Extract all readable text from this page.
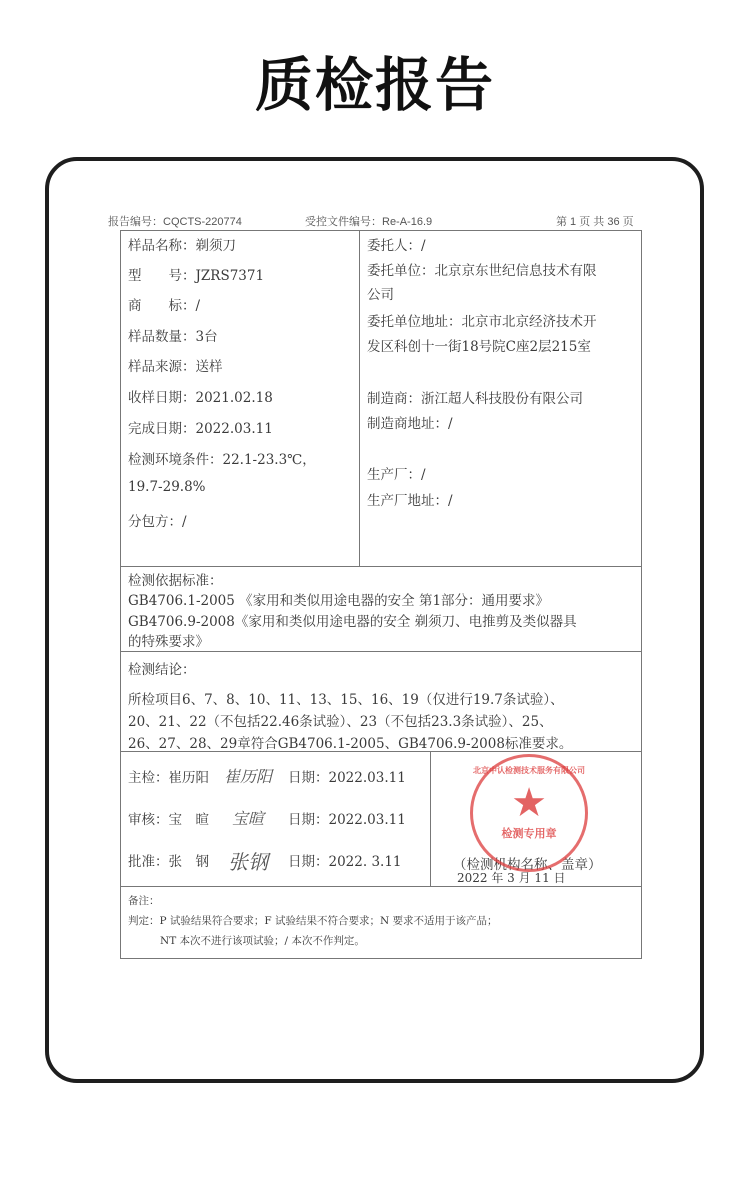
质检报告
报告编号：CQCTS-220774	受控文件编号：Re-A-16.9	第 1 页 共 36 页
样品名称：剃须刀
型　　号：JZRS7371
商　　标：/
样品数量：3台
样品来源：送样
收样日期：2021.02.18
完成日期：2022.03.11
检测环境条件：22.1-23.3℃，
19.7-29.8%
分包方：/
委托人：/
委托单位：北京京东世纪信息技术有限
公司
委托单位地址：北京市北京经济技术开
发区科创十一街18号院C座2层215室
制造商：浙江超人科技股份有限公司
制造商地址：/
生产厂：/
生产厂地址：/
检测依据标准：
GB4706.1-2005 《家用和类似用途电器的安全 第1部分：通用要求》
GB4706.9-2008《家用和类似用途电器的安全 剃须刀、电推剪及类似器具
的特殊要求》
检测结论：
所检项目6、7、8、10、11、13、15、16、19（仅进行19.7条试验）、
20、21、22（不包括22.46条试验）、23（不包括23.3条试验）、25、
26、27、28、29章符合GB4706.1-2005、GB4706.9-2008标准要求。
主检：崔历阳 崔历阳 日期：2022.03.11
审核：宝　暄 宝暄 日期：2022.03.11
批准：张　钢 张钢 日期：2022. 3.11	（检测机构名称、盖章）
2022 年 3 月 11 日
备注：
判定：P 试验结果符合要求；F 试验结果不符合要求；N 要求不适用于该产品；
NT 本次不进行该项试验；/ 本次不作判定。
北京中认检测技术服务有限公司
★
检测专用章
